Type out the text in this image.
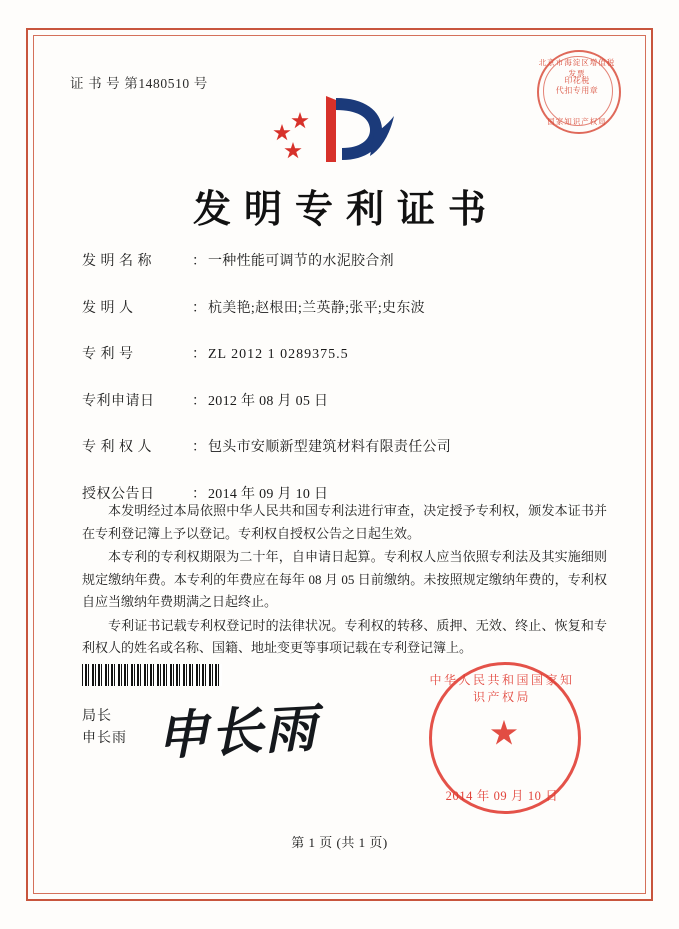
证 书 号 第1480510 号
北京市海淀区增值税发票
印花税
代扣专用章
国家知识产权局
发明专利证书
发 明 名 称	： 一种性能可调节的水泥胶合剂
发 明 人	： 杭美艳;赵根田;兰英静;张平;史东波
专 利 号	： ZL 2012 1 0289375.5
专利申请日	： 2012 年 08 月 05 日
专 利 权 人	： 包头市安顺新型建筑材料有限责任公司
授权公告日	： 2014 年 09 月 10 日

本发明经过本局依照中华人民共和国专利法进行审查，决定授予专利权，颁发本证书并在专利登记簿上予以登记。专利权自授权公告之日起生效。

本专利的专利权期限为二十年，自申请日起算。专利权人应当依照专利法及其实施细则规定缴纳年费。本专利的年费应在每年 08 月 05 日前缴纳。未按照规定缴纳年费的，专利权自应当缴纳年费期满之日起终止。

专利证书记载专利权登记时的法律状况。专利权的转移、质押、无效、终止、恢复和专利权人的姓名或名称、国籍、地址变更等事项记载在专利登记簿上。

局长
申长雨 申长雨
中华人民共和国国家知识产权局
★
2014 年 09 月 10 日
第 1 页 (共 1 页)
